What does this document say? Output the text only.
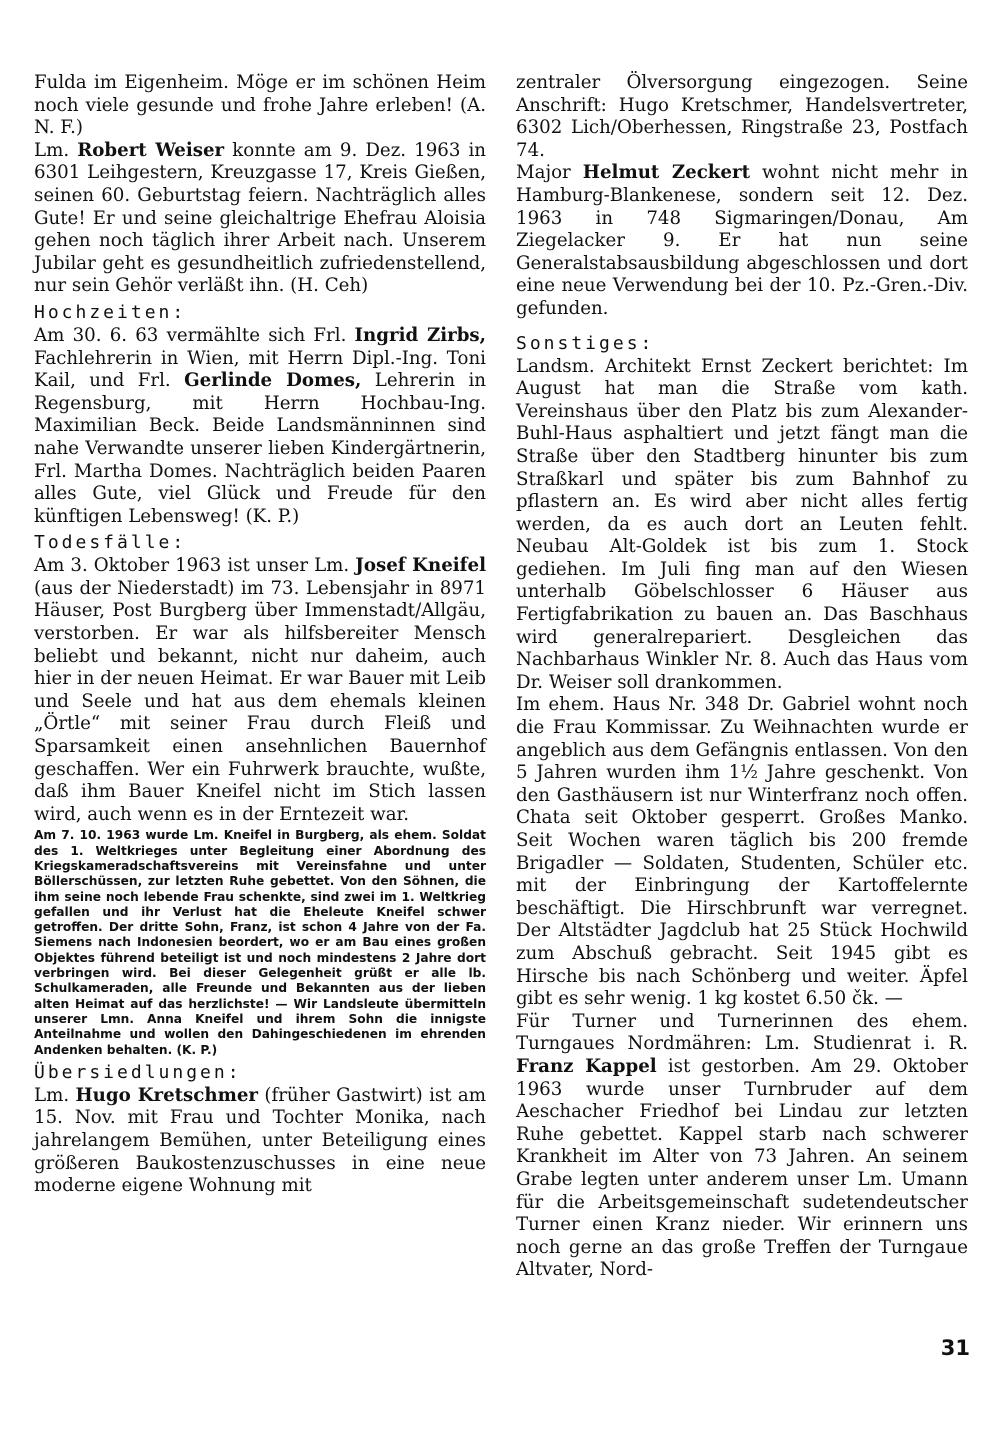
Fulda im Eigenheim. Möge er im schönen Heim noch viele gesunde und frohe Jahre erleben! (A. N. F.)

Lm. Robert Weiser konnte am 9. Dez. 1963 in 6301 Leihgestern, Kreuzgasse 17, Kreis Gießen, seinen 60. Geburtstag feiern. Nachträglich alles Gute! Er und seine gleichaltrige Ehefrau Aloisia gehen noch täglich ihrer Arbeit nach. Unserem Jubilar geht es gesundheitlich zufriedenstellend, nur sein Gehör verläßt ihn. (H. Ceh)

Hochzeiten:

Am 30. 6. 63 vermählte sich Frl. Ingrid Zirbs, Fachlehrerin in Wien, mit Herrn Dipl.-Ing. Toni Kail, und Frl. Gerlinde Domes, Lehrerin in Regensburg, mit Herrn Hochbau-Ing. Maximilian Beck. Beide Landsmänninnen sind nahe Verwandte unserer lieben Kindergärtnerin, Frl. Martha Domes. Nachträglich beiden Paaren alles Gute, viel Glück und Freude für den künftigen Lebensweg! (K. P.)

Todesfälle:

Am 3. Oktober 1963 ist unser Lm. Josef Kneifel (aus der Niederstadt) im 73. Lebensjahr in 8971 Häuser, Post Burgberg über Immenstadt/Allgäu, verstorben. Er war als hilfsbereiter Mensch beliebt und bekannt, nicht nur daheim, auch hier in der neuen Heimat. Er war Bauer mit Leib und Seele und hat aus dem ehemals kleinen „Örtle“ mit seiner Frau durch Fleiß und Sparsamkeit einen ansehnlichen Bauernhof geschaffen. Wer ein Fuhrwerk brauchte, wußte, daß ihm Bauer Kneifel nicht im Stich lassen wird, auch wenn es in der Erntezeit war.

Am 7. 10. 1963 wurde Lm. Kneifel in Burgberg, als ehem. Soldat des 1. Weltkrieges unter Begleitung einer Abordnung des Kriegskameradschaftsvereins mit Vereinsfahne und unter Böllerschüssen, zur letzten Ruhe gebettet. Von den Söhnen, die ihm seine noch lebende Frau schenkte, sind zwei im 1. Weltkrieg gefallen und ihr Verlust hat die Eheleute Kneifel schwer getroffen. Der dritte Sohn, Franz, ist schon 4 Jahre von der Fa. Siemens nach Indonesien beordert, wo er am Bau eines großen Objektes führend beteiligt ist und noch mindestens 2 Jahre dort verbringen wird. Bei dieser Gelegenheit grüßt er alle lb. Schulkameraden, alle Freunde und Bekannten aus der lieben alten Heimat auf das herzlichste! — Wir Landsleute übermitteln unserer Lmn. Anna Kneifel und ihrem Sohn die innigste Anteilnahme und wollen den Dahingeschiedenen im ehrenden Andenken behalten. (K. P.)

Übersiedlungen:

Lm. Hugo Kretschmer (früher Gastwirt) ist am 15. Nov. mit Frau und Tochter Monika, nach jahrelangem Bemühen, unter Beteiligung eines größeren Baukostenzuschusses in eine neue moderne eigene Wohnung mit

zentraler Ölversorgung eingezogen. Seine Anschrift: Hugo Kretschmer, Handelsvertreter, 6302 Lich/Oberhessen, Ringstraße 23, Postfach 74.

Major Helmut Zeckert wohnt nicht mehr in Hamburg-Blankenese, sondern seit 12. Dez. 1963 in 748 Sigmaringen/Donau, Am Ziegelacker 9. Er hat nun seine Generalstabsausbildung abgeschlossen und dort eine neue Verwendung bei der 10. Pz.-Gren.-Div. gefunden.

Sonstiges:

Landsm. Architekt Ernst Zeckert berichtet: Im August hat man die Straße vom kath. Vereinshaus über den Platz bis zum Alexander-Buhl-Haus asphaltiert und jetzt fängt man die Straße über den Stadtberg hinunter bis zum Straßkarl und später bis zum Bahnhof zu pflastern an. Es wird aber nicht alles fertig werden, da es auch dort an Leuten fehlt. Neubau Alt-Goldek ist bis zum 1. Stock gediehen. Im Juli fing man auf den Wiesen unterhalb Göbelschlosser 6 Häuser aus Fertigfabrikation zu bauen an. Das Baschhaus wird generalrepariert. Desgleichen das Nachbarhaus Winkler Nr. 8. Auch das Haus vom Dr. Weiser soll drankommen.

Im ehem. Haus Nr. 348 Dr. Gabriel wohnt noch die Frau Kommissar. Zu Weihnachten wurde er angeblich aus dem Gefängnis entlassen. Von den 5 Jahren wurden ihm 1½ Jahre geschenkt. Von den Gasthäusern ist nur Winterfranz noch offen. Chata seit Oktober gesperrt. Großes Manko. Seit Wochen waren täglich bis 200 fremde Brigadler — Soldaten, Studenten, Schüler etc. mit der Einbringung der Kartoffelernte beschäftigt. Die Hirschbrunft war verregnet. Der Altstädter Jagdclub hat 25 Stück Hochwild zum Abschuß gebracht. Seit 1945 gibt es Hirsche bis nach Schönberg und weiter. Äpfel gibt es sehr wenig. 1 kg kostet 6.50 čk. —

Für Turner und Turnerinnen des ehem. Turngaues Nordmähren: Lm. Studienrat i. R. Franz Kappel ist gestorben. Am 29. Oktober 1963 wurde unser Turnbruder auf dem Aeschacher Friedhof bei Lindau zur letzten Ruhe gebettet. Kappel starb nach schwerer Krankheit im Alter von 73 Jahren. An seinem Grabe legten unter anderem unser Lm. Umann für die Arbeitsgemeinschaft sudetendeutscher Turner einen Kranz nieder. Wir erinnern uns noch gerne an das große Treffen der Turngaue Altvater, Nord-

31
